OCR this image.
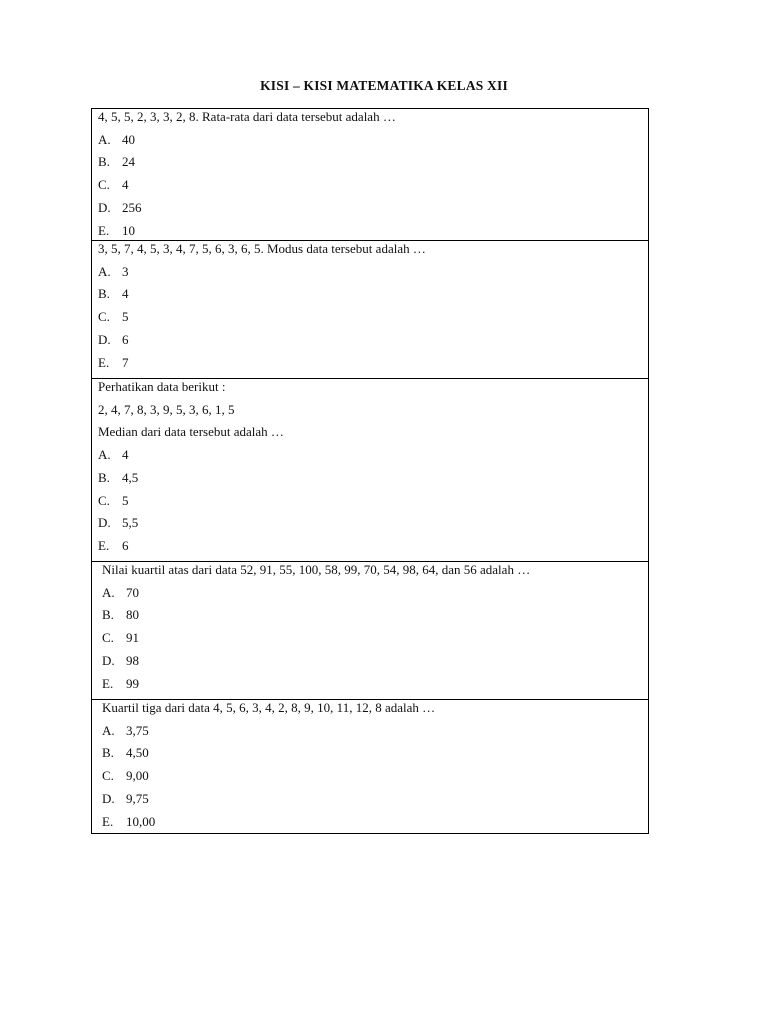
KISI – KISI MATEMATIKA KELAS XII
4, 5, 5, 2, 3, 3, 2, 8. Rata-rata dari data tersebut adalah …
A. 40
B. 24
C. 4
D. 256
E. 10
3, 5, 7, 4, 5, 3, 4, 7, 5, 6, 3, 6, 5. Modus data tersebut adalah …
A. 3
B. 4
C. 5
D. 6
E. 7
Perhatikan data berikut :
2, 4, 7, 8, 3, 9, 5, 3, 6, 1, 5
Median dari data tersebut adalah …
A. 4
B. 4,5
C. 5
D. 5,5
E. 6
Nilai kuartil atas dari data 52, 91, 55, 100, 58, 99, 70, 54, 98, 64, dan 56 adalah …
A. 70
B. 80
C. 91
D. 98
E. 99
Kuartil tiga dari data 4, 5, 6, 3, 4, 2, 8, 9, 10, 11, 12, 8 adalah …
A. 3,75
B. 4,50
C. 9,00
D. 9,75
E. 10,00
